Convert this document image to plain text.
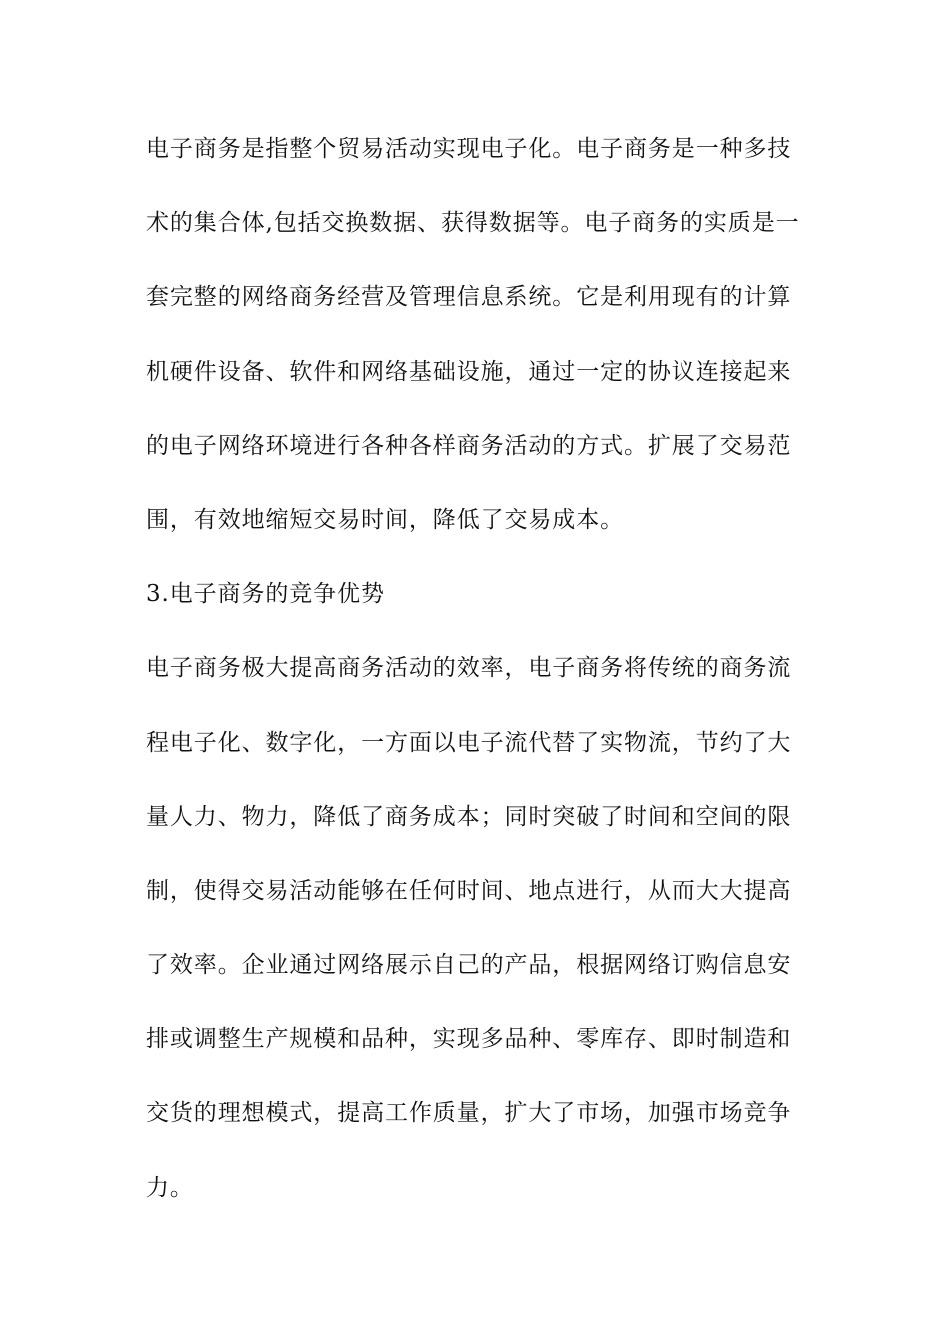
电子商务是指整个贸易活动实现电子化。电子商务是一种多技
术的集合体,包括交换数据、获得数据等。电子商务的实质是一
套完整的网络商务经营及管理信息系统。它是利用现有的计算
机硬件设备、软件和网络基础设施，通过一定的协议连接起来
的电子网络环境进行各种各样商务活动的方式。扩展了交易范
围，有效地缩短交易时间，降低了交易成本。
3.电子商务的竞争优势
电子商务极大提高商务活动的效率，电子商务将传统的商务流
程电子化、数字化，一方面以电子流代替了实物流，节约了大
量人力、物力，降低了商务成本；同时突破了时间和空间的限
制，使得交易活动能够在任何时间、地点进行，从而大大提高
了效率。企业通过网络展示自己的产品，根据网络订购信息安
排或调整生产规模和品种，实现多品种、零库存、即时制造和
交货的理想模式，提高工作质量，扩大了市场，加强市场竞争
力。
